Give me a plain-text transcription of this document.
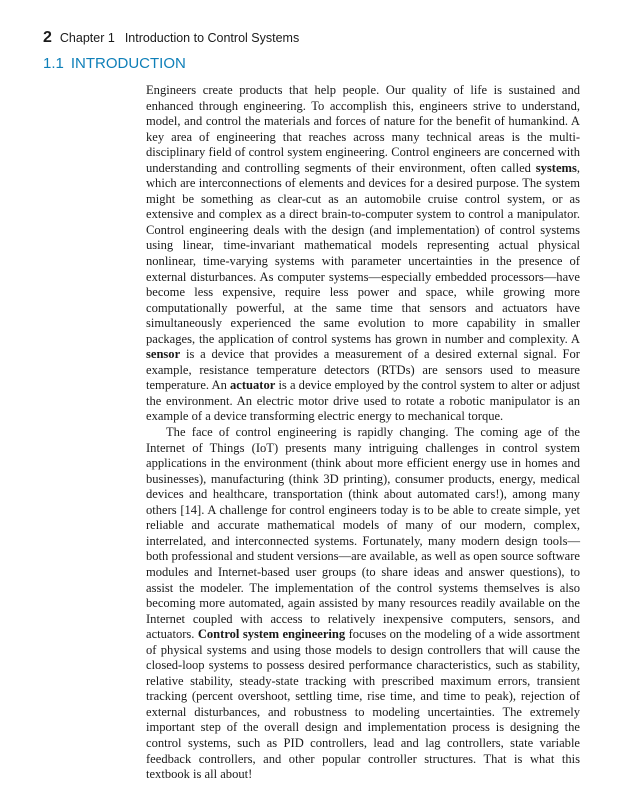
2 Chapter 1 Introduction to Control Systems
1.1 INTRODUCTION

Engineers create products that help people. Our quality of life is sustained and enhanced through engineering. To accomplish this, engineers strive to understand, model, and control the materials and forces of nature for the benefit of humankind. A key area of engineering that reaches across many technical areas is the multidisciplinary field of control system engineering. Control engineers are concerned with understanding and controlling segments of their environment, often called systems, which are interconnections of elements and devices for a desired purpose. The system might be something as clear-cut as an automobile cruise control system, or as extensive and complex as a direct brain-to-computer system to control a manipulator. Control engineering deals with the design (and implementation) of control systems using linear, time-invariant mathematical models representing actual physical nonlinear, time-varying systems with parameter uncertainties in the presence of external disturbances. As computer systems—especially embedded processors—have become less expensive, require less power and space, while growing more computationally powerful, at the same time that sensors and actuators have simultaneously experienced the same evolution to more capability in smaller packages, the application of control systems has grown in number and complexity. A sensor is a device that provides a measurement of a desired external signal. For example, resistance temperature detectors (RTDs) are sensors used to measure temperature. An actuator is a device employed by the control system to alter or adjust the environment. An electric motor drive used to rotate a robotic manipulator is an example of a device transforming electric energy to mechanical torque.

The face of control engineering is rapidly changing. The coming age of the Internet of Things (IoT) presents many intriguing challenges in control system applications in the environment (think about more efficient energy use in homes and businesses), manufacturing (think 3D printing), consumer products, energy, medical devices and healthcare, transportation (think about automated cars!), among many others [14]. A challenge for control engineers today is to be able to create simple, yet reliable and accurate mathematical models of many of our modern, complex, interrelated, and interconnected systems. Fortunately, many modern design tools—both professional and student versions—are available, as well as open source software modules and Internet-based user groups (to share ideas and answer questions), to assist the modeler. The implementation of the control systems themselves is also becoming more automated, again assisted by many resources readily available on the Internet coupled with access to relatively inexpensive computers, sensors, and actuators. Control system engineering focuses on the modeling of a wide assortment of physical systems and using those models to design controllers that will cause the closed-loop systems to possess desired performance characteristics, such as stability, relative stability, steady-state tracking with prescribed maximum errors, transient tracking (percent overshoot, settling time, rise time, and time to peak), rejection of external disturbances, and robustness to modeling uncertainties. The extremely important step of the overall design and implementation process is designing the control systems, such as PID controllers, lead and lag controllers, state variable feedback controllers, and other popular controller structures. That is what this textbook is all about!
